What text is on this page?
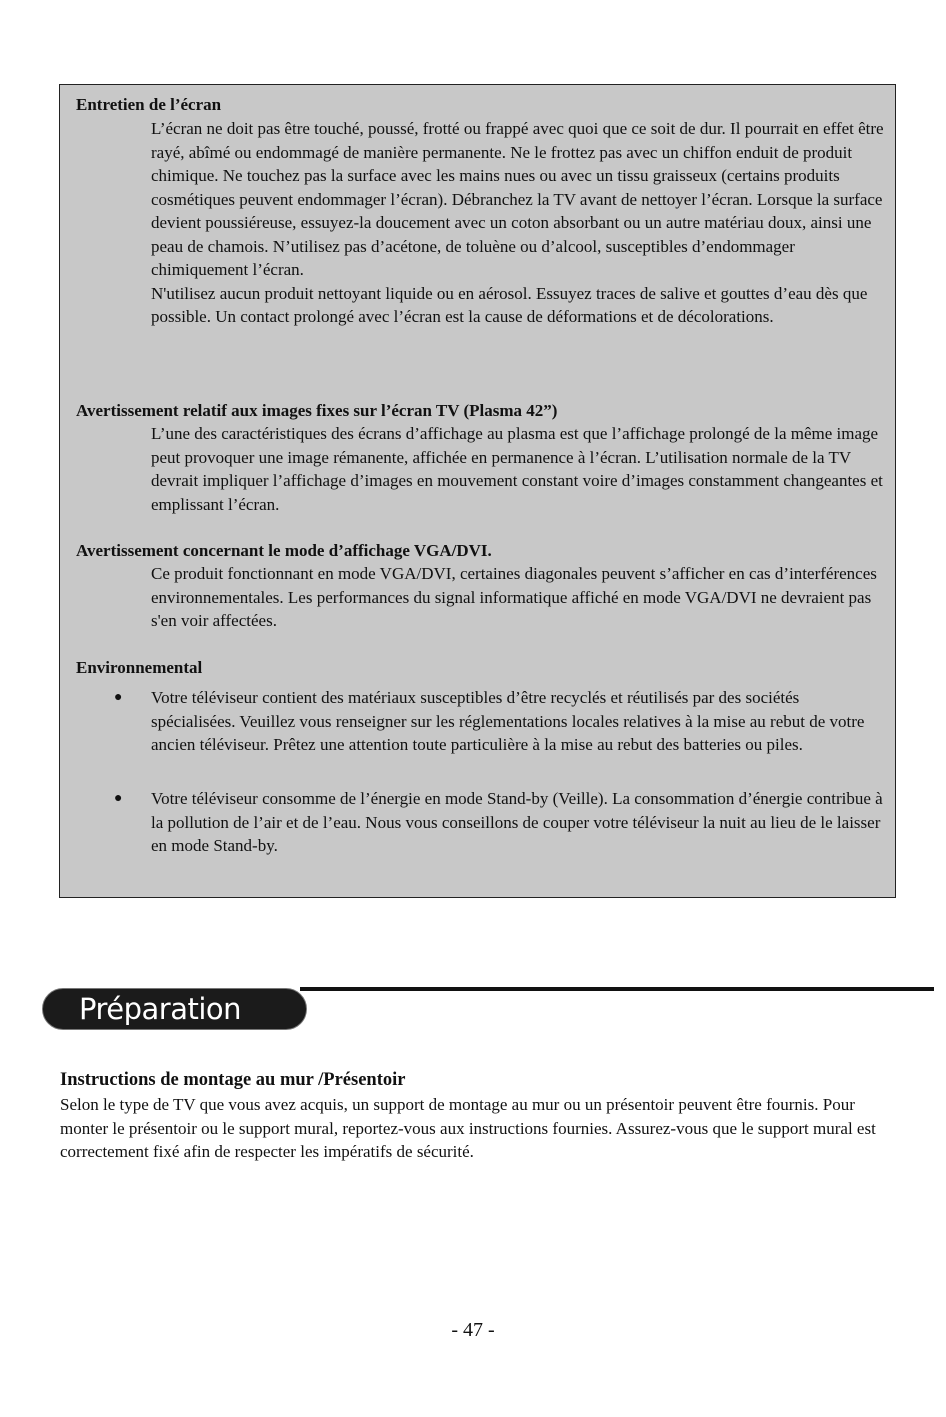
Entretien de l’écran
L’écran ne doit pas être touché, poussé, frotté ou frappé avec quoi que ce soit de dur. Il pourrait en effet être rayé, abîmé ou endommagé de manière permanente. Ne le frottez pas avec un chiffon enduit de produit chimique. Ne touchez pas la surface avec les mains nues ou avec un tissu graisseux (certains produits cosmétiques peuvent endommager l’écran). Débranchez la TV avant de nettoyer l’écran. Lorsque la surface devient poussiéreuse, essuyez-la doucement avec un coton absorbant ou un autre matériau doux, ainsi une peau de chamois. N’utilisez pas d’acétone, de toluène ou d’alcool, susceptibles d’endommager chimiquement l’écran.
N'utilisez aucun produit nettoyant liquide ou en aérosol. Essuyez traces de salive et gouttes d’eau dès que possible. Un contact prolongé avec l’écran est la cause de déformations et de décolorations.
Avertissement relatif aux images fixes sur l’écran TV (Plasma 42”)
L’une des caractéristiques des écrans d’affichage au plasma est que l’affichage prolongé de la même image peut provoquer une image rémanente, affichée en permanence à l’écran. L’utilisation normale de la TV devrait impliquer l’affichage d’images en mouvement constant voire d’images constamment changeantes et emplissant l’écran.
Avertissement concernant le mode d’affichage VGA/DVI.
Ce produit fonctionnant en mode VGA/DVI, certaines diagonales peuvent s’afficher en cas d’interférences environnementales. Les performances du signal informatique affiché en mode VGA/DVI ne devraient pas s'en voir affectées.
Environnemental
● Votre téléviseur contient des matériaux susceptibles d’être recyclés et réutilisés par des sociétés spécialisées. Veuillez vous renseigner sur les réglementations locales relatives à la mise au rebut de votre ancien téléviseur. Prêtez une attention toute particulière à la mise au rebut des batteries ou piles.
● Votre téléviseur consomme de l’énergie en mode Stand-by (Veille). La consommation d’énergie contribue à la pollution de l’air et de l’eau. Nous vous conseillons de couper votre téléviseur la nuit au lieu de le laisser en mode Stand-by.
Préparation
Instructions de montage au mur /Présentoir
Selon le type de TV que vous avez acquis, un support de montage au mur ou un présentoir peuvent être fournis. Pour monter le présentoir ou le support mural, reportez-vous aux instructions fournies. Assurez-vous que le support mural est correctement fixé afin de respecter les impératifs de sécurité.
- 47 -
